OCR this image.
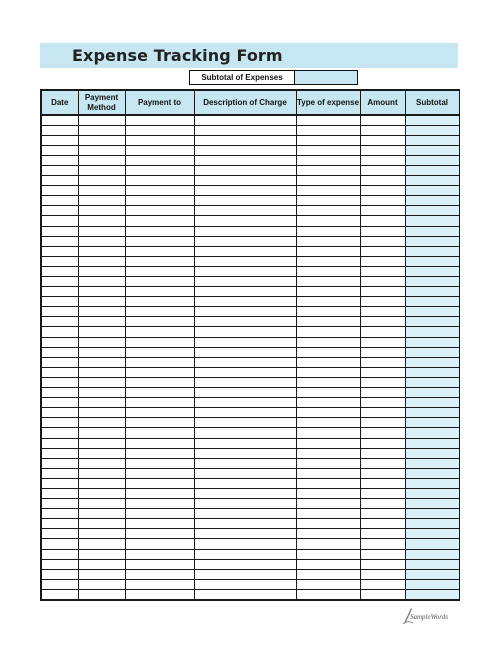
Expense Tracking Form
Subtotal of Expenses
Date	Payment Method	Payment to	Description of Charge	Type of expense	Amount	Subtotal

SampleWords
